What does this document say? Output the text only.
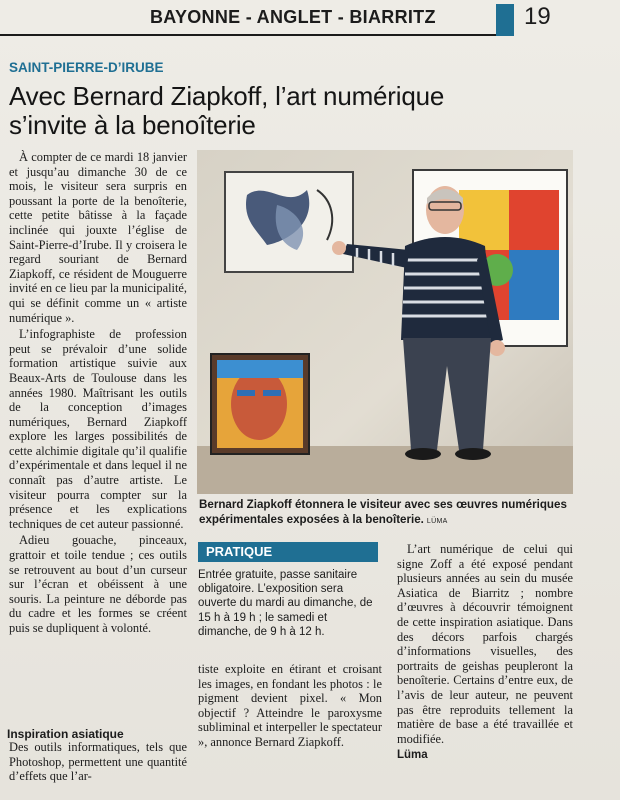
BAYONNE - ANGLET - BIARRITZ	19
SAINT-PIERRE-D’IRUBE
Avec Bernard Ziapkoff, l’art numérique
s’invite à la benoîterie

À compter de ce mardi 18 janvier et jusqu’au dimanche 30 de ce mois, le visiteur sera surpris en poussant la porte de la benoîterie, cette petite bâtisse à la façade inclinée qui jouxte l’église de Saint-Pierre-d’Irube. Il y croisera le regard souriant de Bernard Ziapkoff, ce résident de Mouguerre invité en ce lieu par la municipalité, qui se définit comme un « artiste numérique ».

L’infographiste de profession peut se prévaloir d’une solide formation artistique suivie aux Beaux-Arts de Toulouse dans les années 1980. Maîtrisant les outils de la conception d’images numériques, Bernard Ziapkoff explore les larges possibilités de cette alchimie digitale qu’il qualifie d’expérimentale et dans lequel il ne connaît pas d’autre artiste. Le visiteur pourra compter sur la présence et les explications techniques de cet auteur passionné.

Adieu gouache, pinceaux, grattoir et toile tendue ; ces outils se retrouvent au bout d’un curseur sur l’écran et obéissent à une souris. La peinture ne déborde pas du cadre et les formes se créent puis se dupliquent à volonté.

Inspiration asiatique

Des outils informatiques, tels que Photoshop, permettent une quantité d’effets que l’ar-

Bernard Ziapkoff étonnera le visiteur avec ses œuvres numériques expérimentales exposées à la benoîterie. LÜMA
PRATIQUE
Entrée gratuite, passe sanitaire obligatoire. L’exposition sera ouverte du mardi au dimanche, de 15 h à 19 h ; le samedi et dimanche, de 9 h à 12 h.

tiste exploite en étirant et croisant les images, en fondant les photos : le pigment devient pixel. « Mon objectif ? Atteindre le paroxysme subliminal et interpeller le spectateur », annonce Bernard Ziapkoff.

L’art numérique de celui qui signe Zoff a été exposé pendant plusieurs années au sein du musée Asiatica de Biarritz ; nombre d’œuvres à découvrir témoignent de cette inspiration asiatique. Dans des décors parfois chargés d’informations visuelles, des portraits de geishas peupleront la benoîterie. Certains d’entre eux, de l’avis de leur auteur, ne peuvent pas être reproduits tellement la matière de base a été travaillée et modifiée.

Lüma
